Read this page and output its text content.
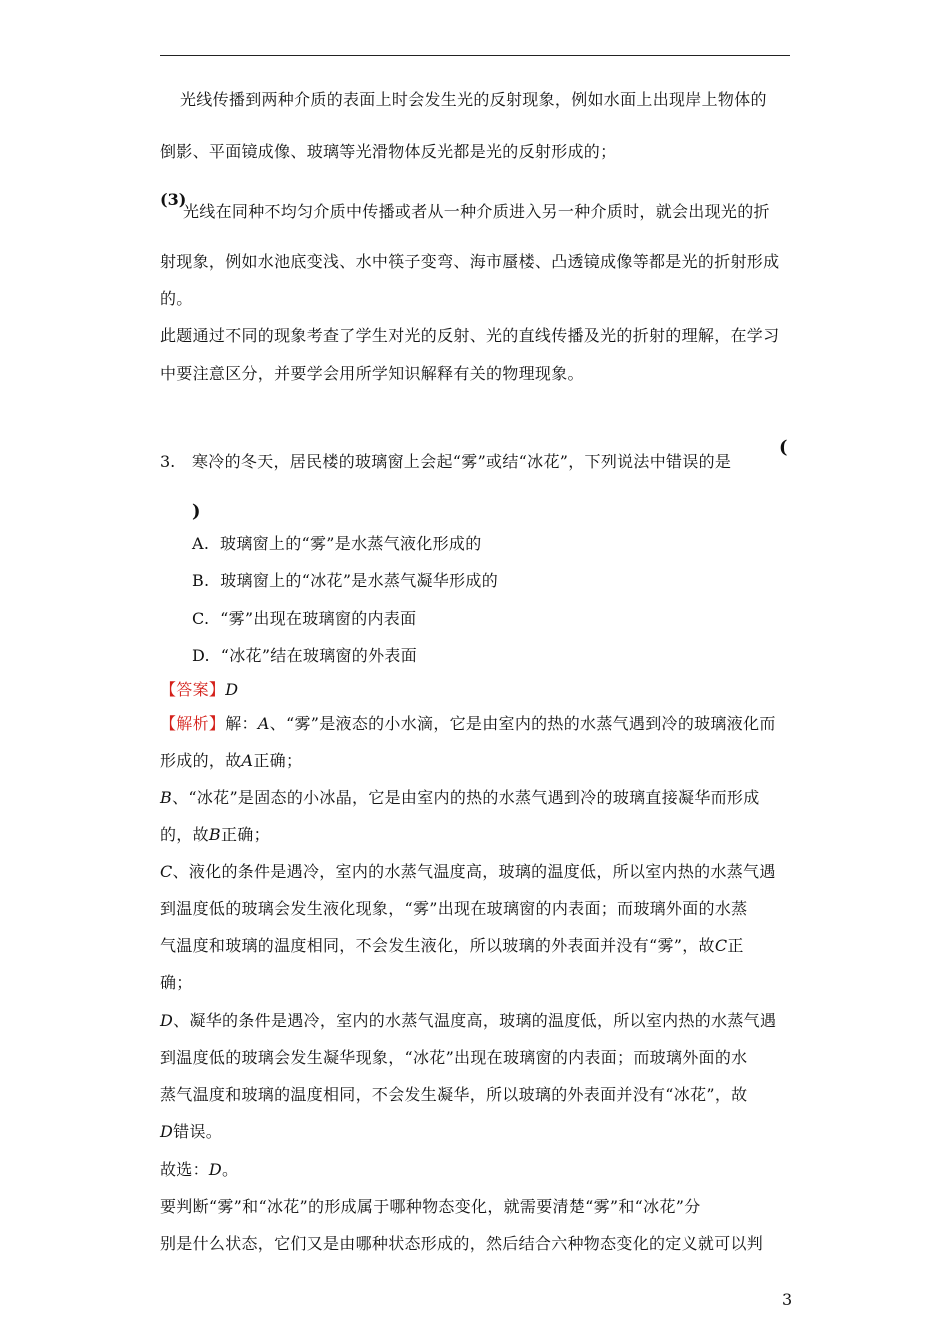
光线传播到两种介质的表面上时会发生光的反射现象，例如水面上出现岸上物体的
倒影、平面镜成像、玻璃等光滑物体反光都是光的反射形成的；
(3)
光线在同种不均匀介质中传播或者从一种介质进入另一种介质时，就会出现光的折
射现象，例如水池底变浅、水中筷子变弯、海市蜃楼、凸透镜成像等都是光的折射形成
的。
此题通过不同的现象考查了学生对光的反射、光的直线传播及光的折射的理解，在学习
中要注意区分，并要学会用所学知识解释有关的物理现象。
3. 寒冷的冬天，居民楼的玻璃窗上会起“雾”或结“冰花”，下列说法中错误的是
(
)
A. 玻璃窗上的“雾”是水蒸气液化形成的
B. 玻璃窗上的“冰花”是水蒸气凝华形成的
C. “雾”出现在玻璃窗的内表面
D. “冰花”结在玻璃窗的外表面
【答案】D
【解析】解：A、“雾”是液态的小水滴，它是由室内的热的水蒸气遇到冷的玻璃液化而
形成的，故A正确；
B、“冰花”是固态的小冰晶，它是由室内的热的水蒸气遇到冷的玻璃直接凝华而形成
的，故B正确；
C、液化的条件是遇冷，室内的水蒸气温度高，玻璃的温度低，所以室内热的水蒸气遇
到温度低的玻璃会发生液化现象，“雾”出现在玻璃窗的内表面；而玻璃外面的水蒸
气温度和玻璃的温度相同，不会发生液化，所以玻璃的外表面并没有“雾”，故C正
确；
D、凝华的条件是遇冷，室内的水蒸气温度高，玻璃的温度低，所以室内热的水蒸气遇
到温度低的玻璃会发生凝华现象，“冰花”出现在玻璃窗的内表面；而玻璃外面的水
蒸气温度和玻璃的温度相同，不会发生凝华，所以玻璃的外表面并没有“冰花”，故
D错误。
故选：D。
要判断“雾”和“冰花”的形成属于哪种物态变化，就需要清楚“雾”和“冰花”分
别是什么状态，它们又是由哪种状态形成的，然后结合六种物态变化的定义就可以判
3
